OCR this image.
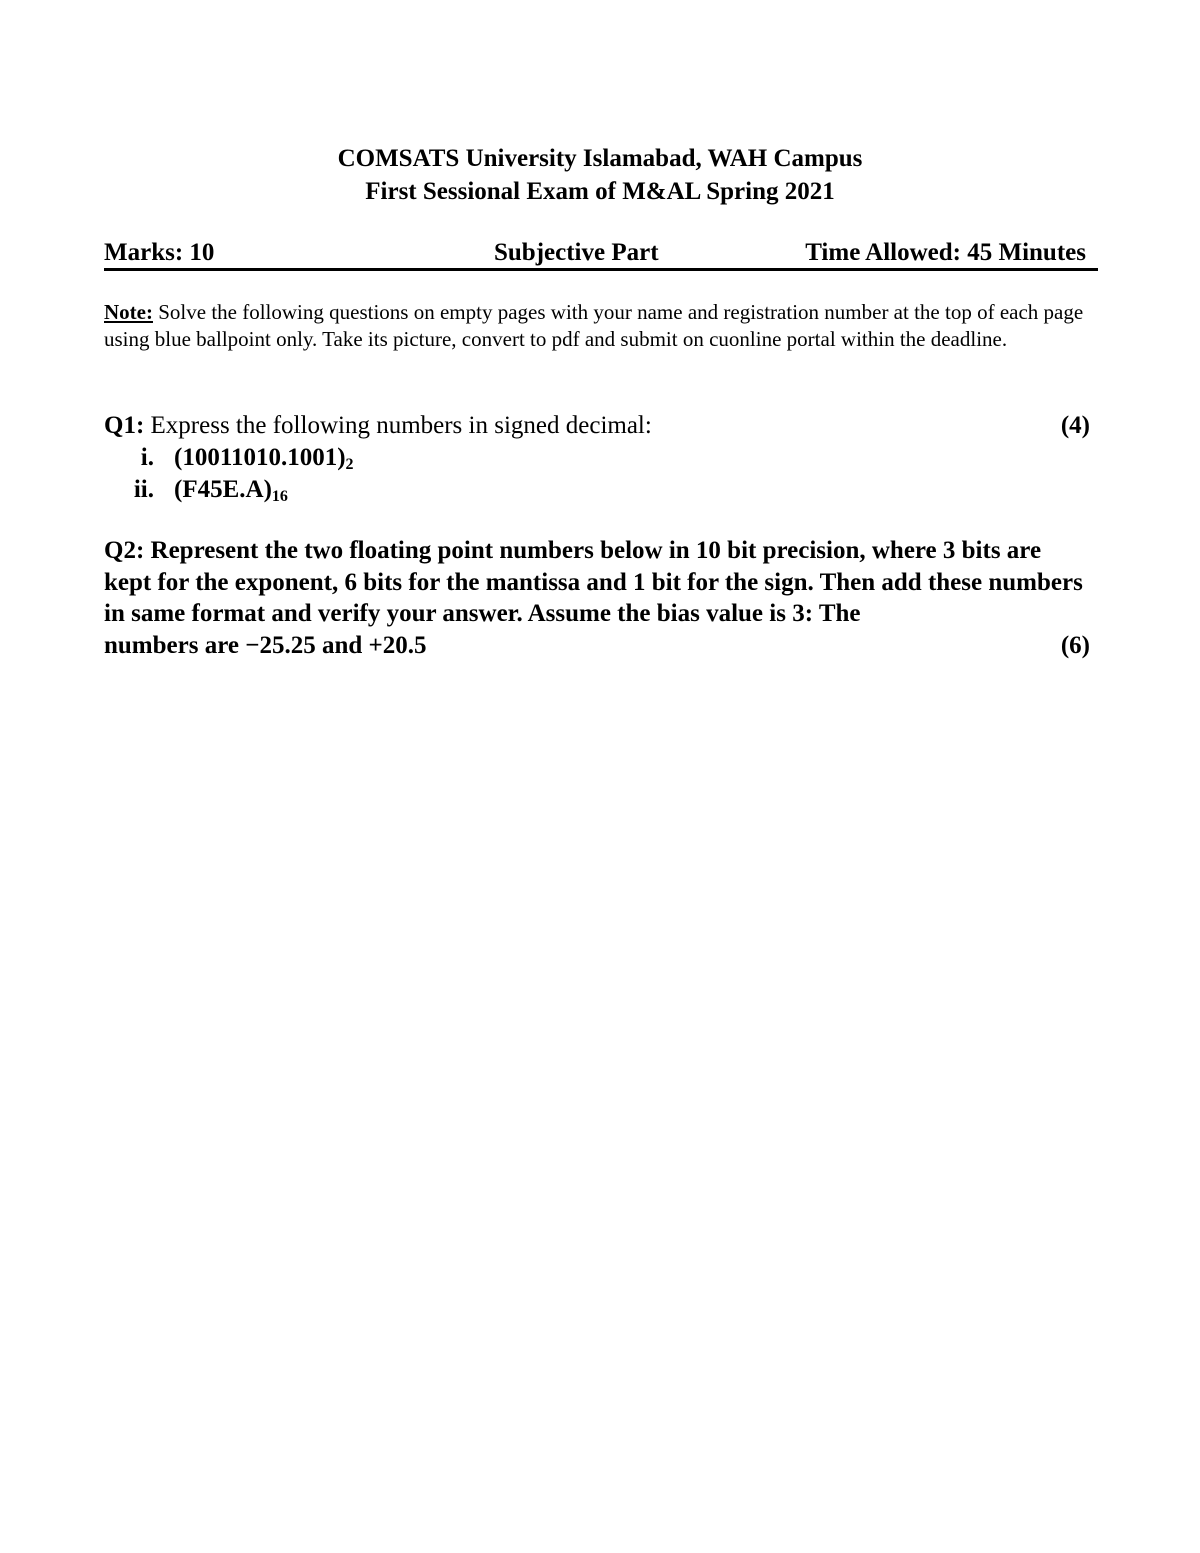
COMSATS University Islamabad, WAH Campus
First Sessional Exam of M&AL Spring 2021
Marks: 10	Subjective Part	Time Allowed: 45 Minutes
Note: Solve the following questions on empty pages with your name and registration number at the top of each page using blue ballpoint only. Take its picture, convert to pdf and submit on cuonline portal within the deadline.
Q1: Express the following numbers in signed decimal:	(4)
i. $(10011010.1001)_2$
ii. $(F45E.A)_{16}$
Q2: Represent the two floating point numbers below in 10 bit precision, where 3 bits are kept for the exponent, 6 bits for the mantissa and 1 bit for the sign. Then add these numbers in same format and verify your answer. Assume the bias value is 3: The
numbers are −25.25 and +20.5	(6)
